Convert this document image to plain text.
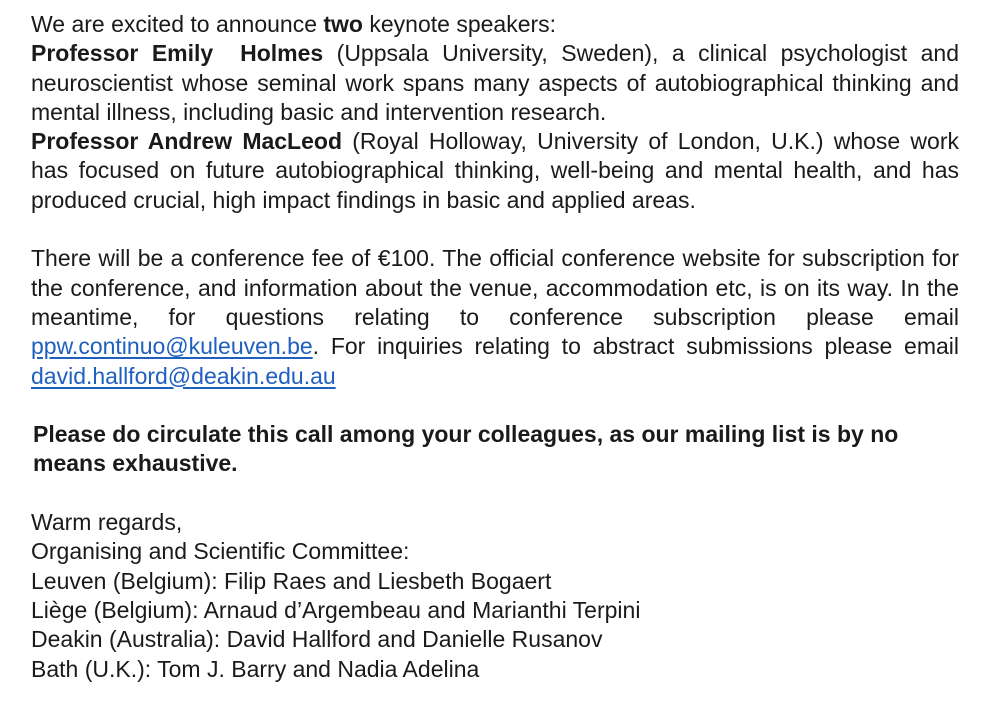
We are excited to announce two keynote speakers:

Professor Emily  Holmes (Uppsala University, Sweden), a clinical psychologist and neuroscientist whose seminal work spans many aspects of autobiographical thinking and mental illness, including basic and intervention research.

Professor Andrew MacLeod (Royal Holloway, University of London, U.K.) whose work has focused on future autobiographical thinking, well-being and mental health, and has produced crucial, high impact findings in basic and applied areas.

There will be a conference fee of €100. The official conference website for subscription for the conference, and information about the venue, accommodation etc, is on its way. In the meantime, for questions relating to conference subscription please email ppw.continuo@kuleuven.be. For inquiries relating to abstract submissions please email david.hallford@deakin.edu.au

Please do circulate this call among your colleagues, as our mailing list is by no means exhaustive.

Warm regards,

Organising and Scientific Committee:

Leuven (Belgium): Filip Raes and Liesbeth Bogaert

Liège (Belgium): Arnaud d’Argembeau and Marianthi Terpini

Deakin (Australia): David Hallford and Danielle Rusanov

Bath (U.K.): Tom J. Barry and Nadia Adelina
